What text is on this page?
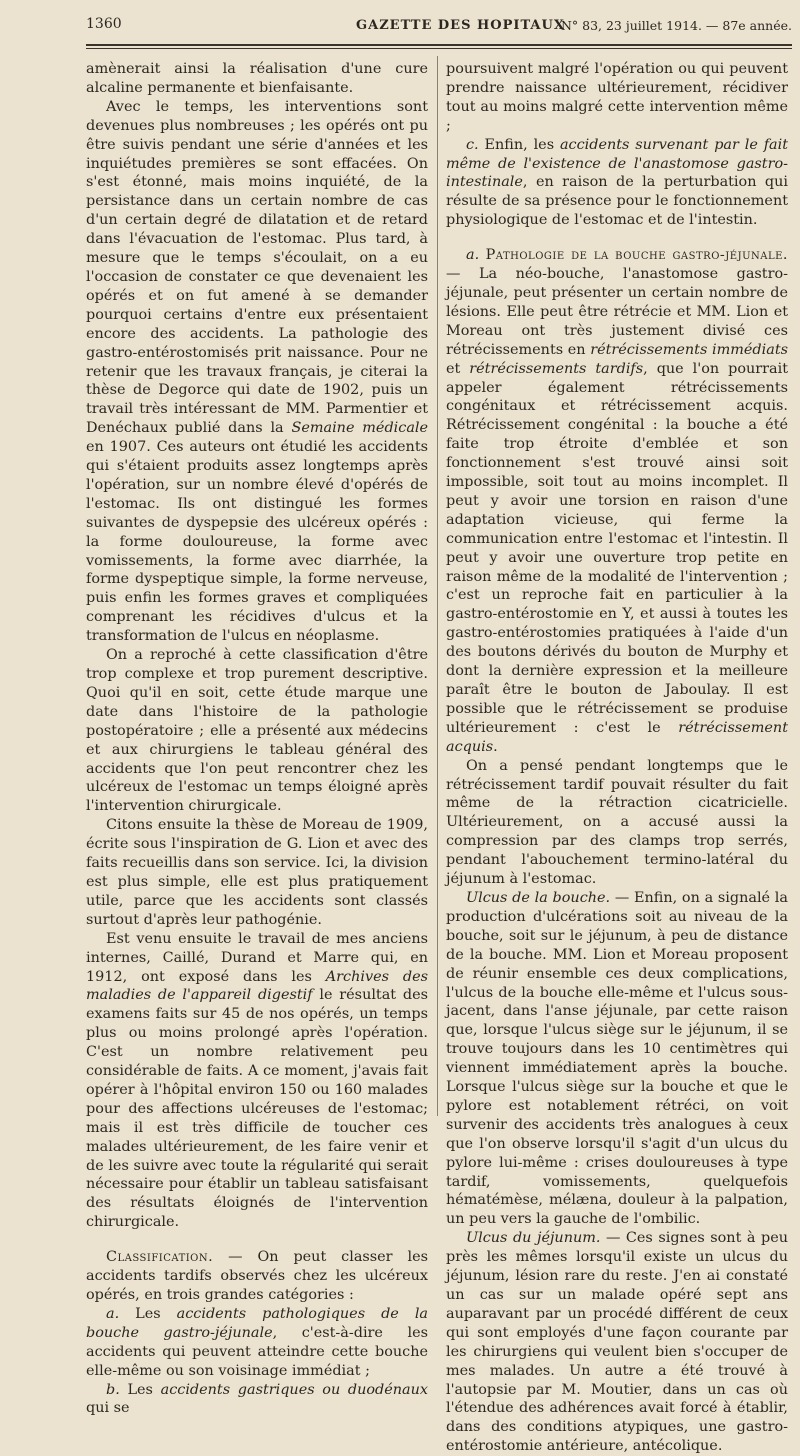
1360	GAZETTE DES HOPITAUX
N° 83, 23 juillet 1914. — 87e année.

amènerait ainsi la réalisation d'une cure alcaline permanente et bienfaisante.

Avec le temps, les interventions sont devenues plus nombreuses ; les opérés ont pu être suivis pendant une série d'années et les inquiétudes premières se sont effacées. On s'est étonné, mais moins inquiété, de la persistance dans un certain nombre de cas d'un certain degré de dilatation et de retard dans l'évacuation de l'estomac. Plus tard, à mesure que le temps s'écoulait, on a eu l'occasion de constater ce que devenaient les opérés et on fut amené à se demander pourquoi certains d'entre eux présentaient encore des accidents. La pathologie des gastro-entérostomisés prit naissance. Pour ne retenir que les travaux français, je citerai la thèse de Degorce qui date de 1902, puis un travail très intéressant de MM. Parmentier et Denéchaux publié dans la Semaine médicale en 1907. Ces auteurs ont étudié les accidents qui s'étaient produits assez longtemps après l'opération, sur un nombre élevé d'opérés de l'estomac. Ils ont distingué les formes suivantes de dyspepsie des ulcéreux opérés : la forme douloureuse, la forme avec vomissements, la forme avec diarrhée, la forme dyspeptique simple, la forme nerveuse, puis enfin les formes graves et compliquées comprenant les récidives d'ulcus et la transformation de l'ulcus en néoplasme.

On a reproché à cette classification d'être trop complexe et trop purement descriptive. Quoi qu'il en soit, cette étude marque une date dans l'histoire de la pathologie postopératoire ; elle a présenté aux médecins et aux chirurgiens le tableau général des accidents que l'on peut rencontrer chez les ulcéreux de l'estomac un temps éloigné après l'intervention chirurgicale.

Citons ensuite la thèse de Moreau de 1909, écrite sous l'inspiration de G. Lion et avec des faits recueillis dans son service. Ici, la division est plus simple, elle est plus pratiquement utile, parce que les accidents sont classés surtout d'après leur pathogénie.

Est venu ensuite le travail de mes anciens internes, Caillé, Durand et Marre qui, en 1912, ont exposé dans les Archives des maladies de l'appareil digestif le résultat des examens faits sur 45 de nos opérés, un temps plus ou moins prolongé après l'opération. C'est un nombre relativement peu considérable de faits. A ce moment, j'avais fait opérer à l'hôpital environ 150 ou 160 malades pour des affections ulcéreuses de l'estomac; mais il est très difficile de toucher ces malades ultérieurement, de les faire venir et de les suivre avec toute la régularité qui serait nécessaire pour établir un tableau satisfaisant des résultats éloignés de l'intervention chirurgicale.

Classification. — On peut classer les accidents tardifs observés chez les ulcéreux opérés, en trois grandes catégories :

a. Les accidents pathologiques de la bouche gastro-jéjunale, c'est-à-dire les accidents qui peuvent atteindre cette bouche elle-même ou son voisinage immédiat ;

b. Les accidents gastriques ou duodénaux qui se

poursuivent malgré l'opération ou qui peuvent prendre naissance ultérieurement, récidiver tout au moins malgré cette intervention même ;

c. Enfin, les accidents survenant par le fait même de l'existence de l'anastomose gastro-intestinale, en raison de la perturbation qui résulte de sa présence pour le fonctionnement physiologique de l'estomac et de l'intestin.

a. Pathologie de la bouche gastro-jéjunale. — La néo-bouche, l'anastomose gastro-jéjunale, peut présenter un certain nombre de lésions. Elle peut être rétrécie et MM. Lion et Moreau ont très justement divisé ces rétrécissements en rétrécissements immédiats et rétrécissements tardifs, que l'on pourrait appeler également rétrécissements congénitaux et rétrécissement acquis. Rétrécissement congénital : la bouche a été faite trop étroite d'emblée et son fonctionnement s'est trouvé ainsi soit impossible, soit tout au moins incomplet. Il peut y avoir une torsion en raison d'une adaptation vicieuse, qui ferme la communication entre l'estomac et l'intestin. Il peut y avoir une ouverture trop petite en raison même de la modalité de l'intervention ; c'est un reproche fait en particulier à la gastro-entérostomie en Y, et aussi à toutes les gastro-entérostomies pratiquées à l'aide d'un des boutons dérivés du bouton de Murphy et dont la dernière expression et la meilleure paraît être le bouton de Jaboulay. Il est possible que le rétrécissement se produise ultérieurement : c'est le rétrécissement acquis.

On a pensé pendant longtemps que le rétrécissement tardif pouvait résulter du fait même de la rétraction cicatricielle. Ultérieurement, on a accusé aussi la compression par des clamps trop serrés, pendant l'abouchement termino-latéral du jéjunum à l'estomac.

Ulcus de la bouche. — Enfin, on a signalé la production d'ulcérations soit au niveau de la bouche, soit sur le jéjunum, à peu de distance de la bouche. MM. Lion et Moreau proposent de réunir ensemble ces deux complications, l'ulcus de la bouche elle-même et l'ulcus sous-jacent, dans l'anse jéjunale, par cette raison que, lorsque l'ulcus siège sur le jéjunum, il se trouve toujours dans les 10 centimètres qui viennent immédiatement après la bouche. Lorsque l'ulcus siège sur la bouche et que le pylore est notablement rétréci, on voit survenir des accidents très analogues à ceux que l'on observe lorsqu'il s'agit d'un ulcus du pylore lui-même : crises douloureuses à type tardif, vomissements, quelquefois hématémèse, mélæna, douleur à la palpation, un peu vers la gauche de l'ombilic.

Ulcus du jéjunum. — Ces signes sont à peu près les mêmes lorsqu'il existe un ulcus du jéjunum, lésion rare du reste. J'en ai constaté un cas sur un malade opéré sept ans auparavant par un procédé différent de ceux qui sont employés d'une façon courante par les chirurgiens qui veulent bien s'occuper de mes malades. Un autre a été trouvé à l'autopsie par M. Moutier, dans un cas où l'étendue des adhérences avait forcé à établir, dans des conditions atypiques, une gastro-entérostomie antérieure, antécolique.
